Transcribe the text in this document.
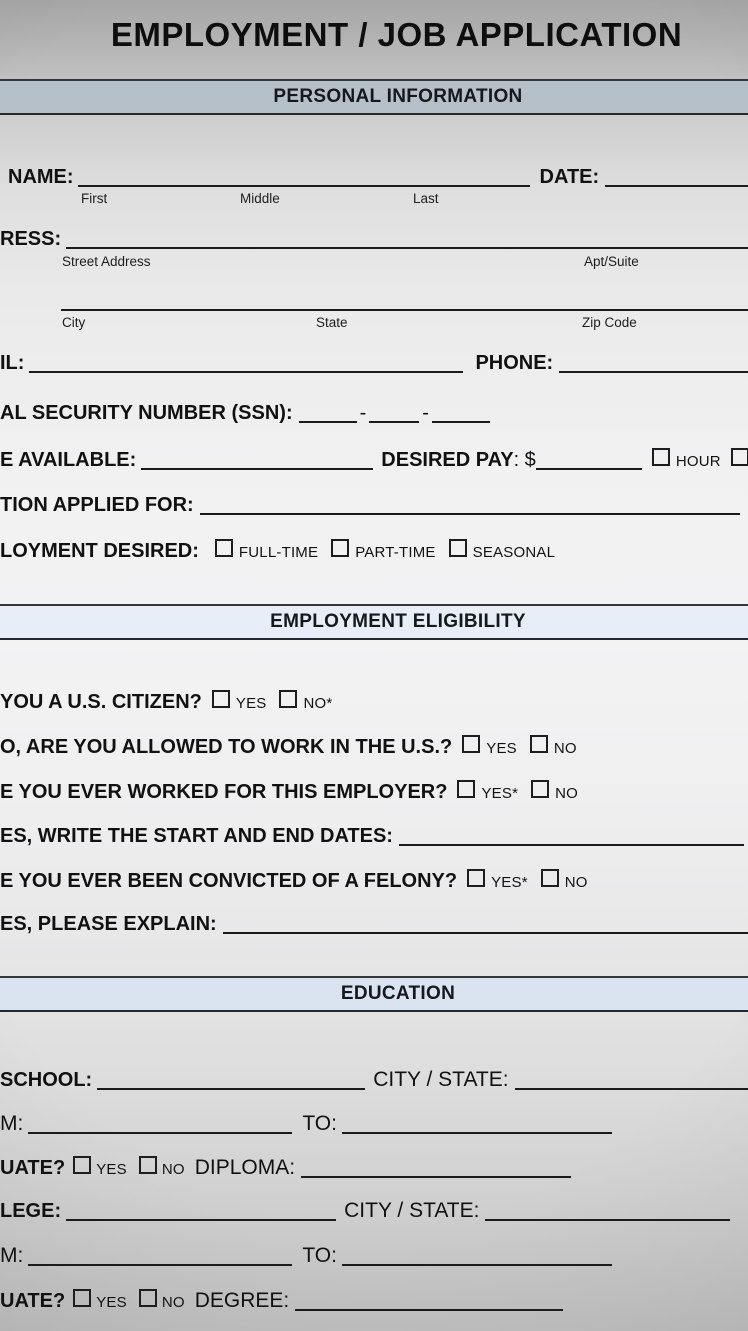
EMPLOYMENT / JOB APPLICATION
PERSONAL INFORMATION
NAME:	DATE:
First	Middle	Last
RESS:
Street Address	Apt/Suite
City	State	Zip Code
IL:	PHONE:
AL SECURITY NUMBER (SSN):	-	-
E AVAILABLE:	DESIRED PAY : $	HOUR
TION APPLIED FOR:
LOYMENT DESIRED:	FULL-TIME PART-TIME SEASONAL
EMPLOYMENT ELIGIBILITY
YOU A U.S. CITIZEN? YES NO*
O, ARE YOU ALLOWED TO WORK IN THE U.S.? YES NO
E YOU EVER WORKED FOR THIS EMPLOYER? YES* NO
ES, WRITE THE START AND END DATES:
E YOU EVER BEEN CONVICTED OF A FELONY? YES* NO
ES, PLEASE EXPLAIN:
EDUCATION
SCHOOL:	CITY / STATE:
M:	TO:
UATE? YES NO DIPLOMA:
LEGE:	CITY / STATE:
M:	TO:
UATE? YES NO DEGREE:
